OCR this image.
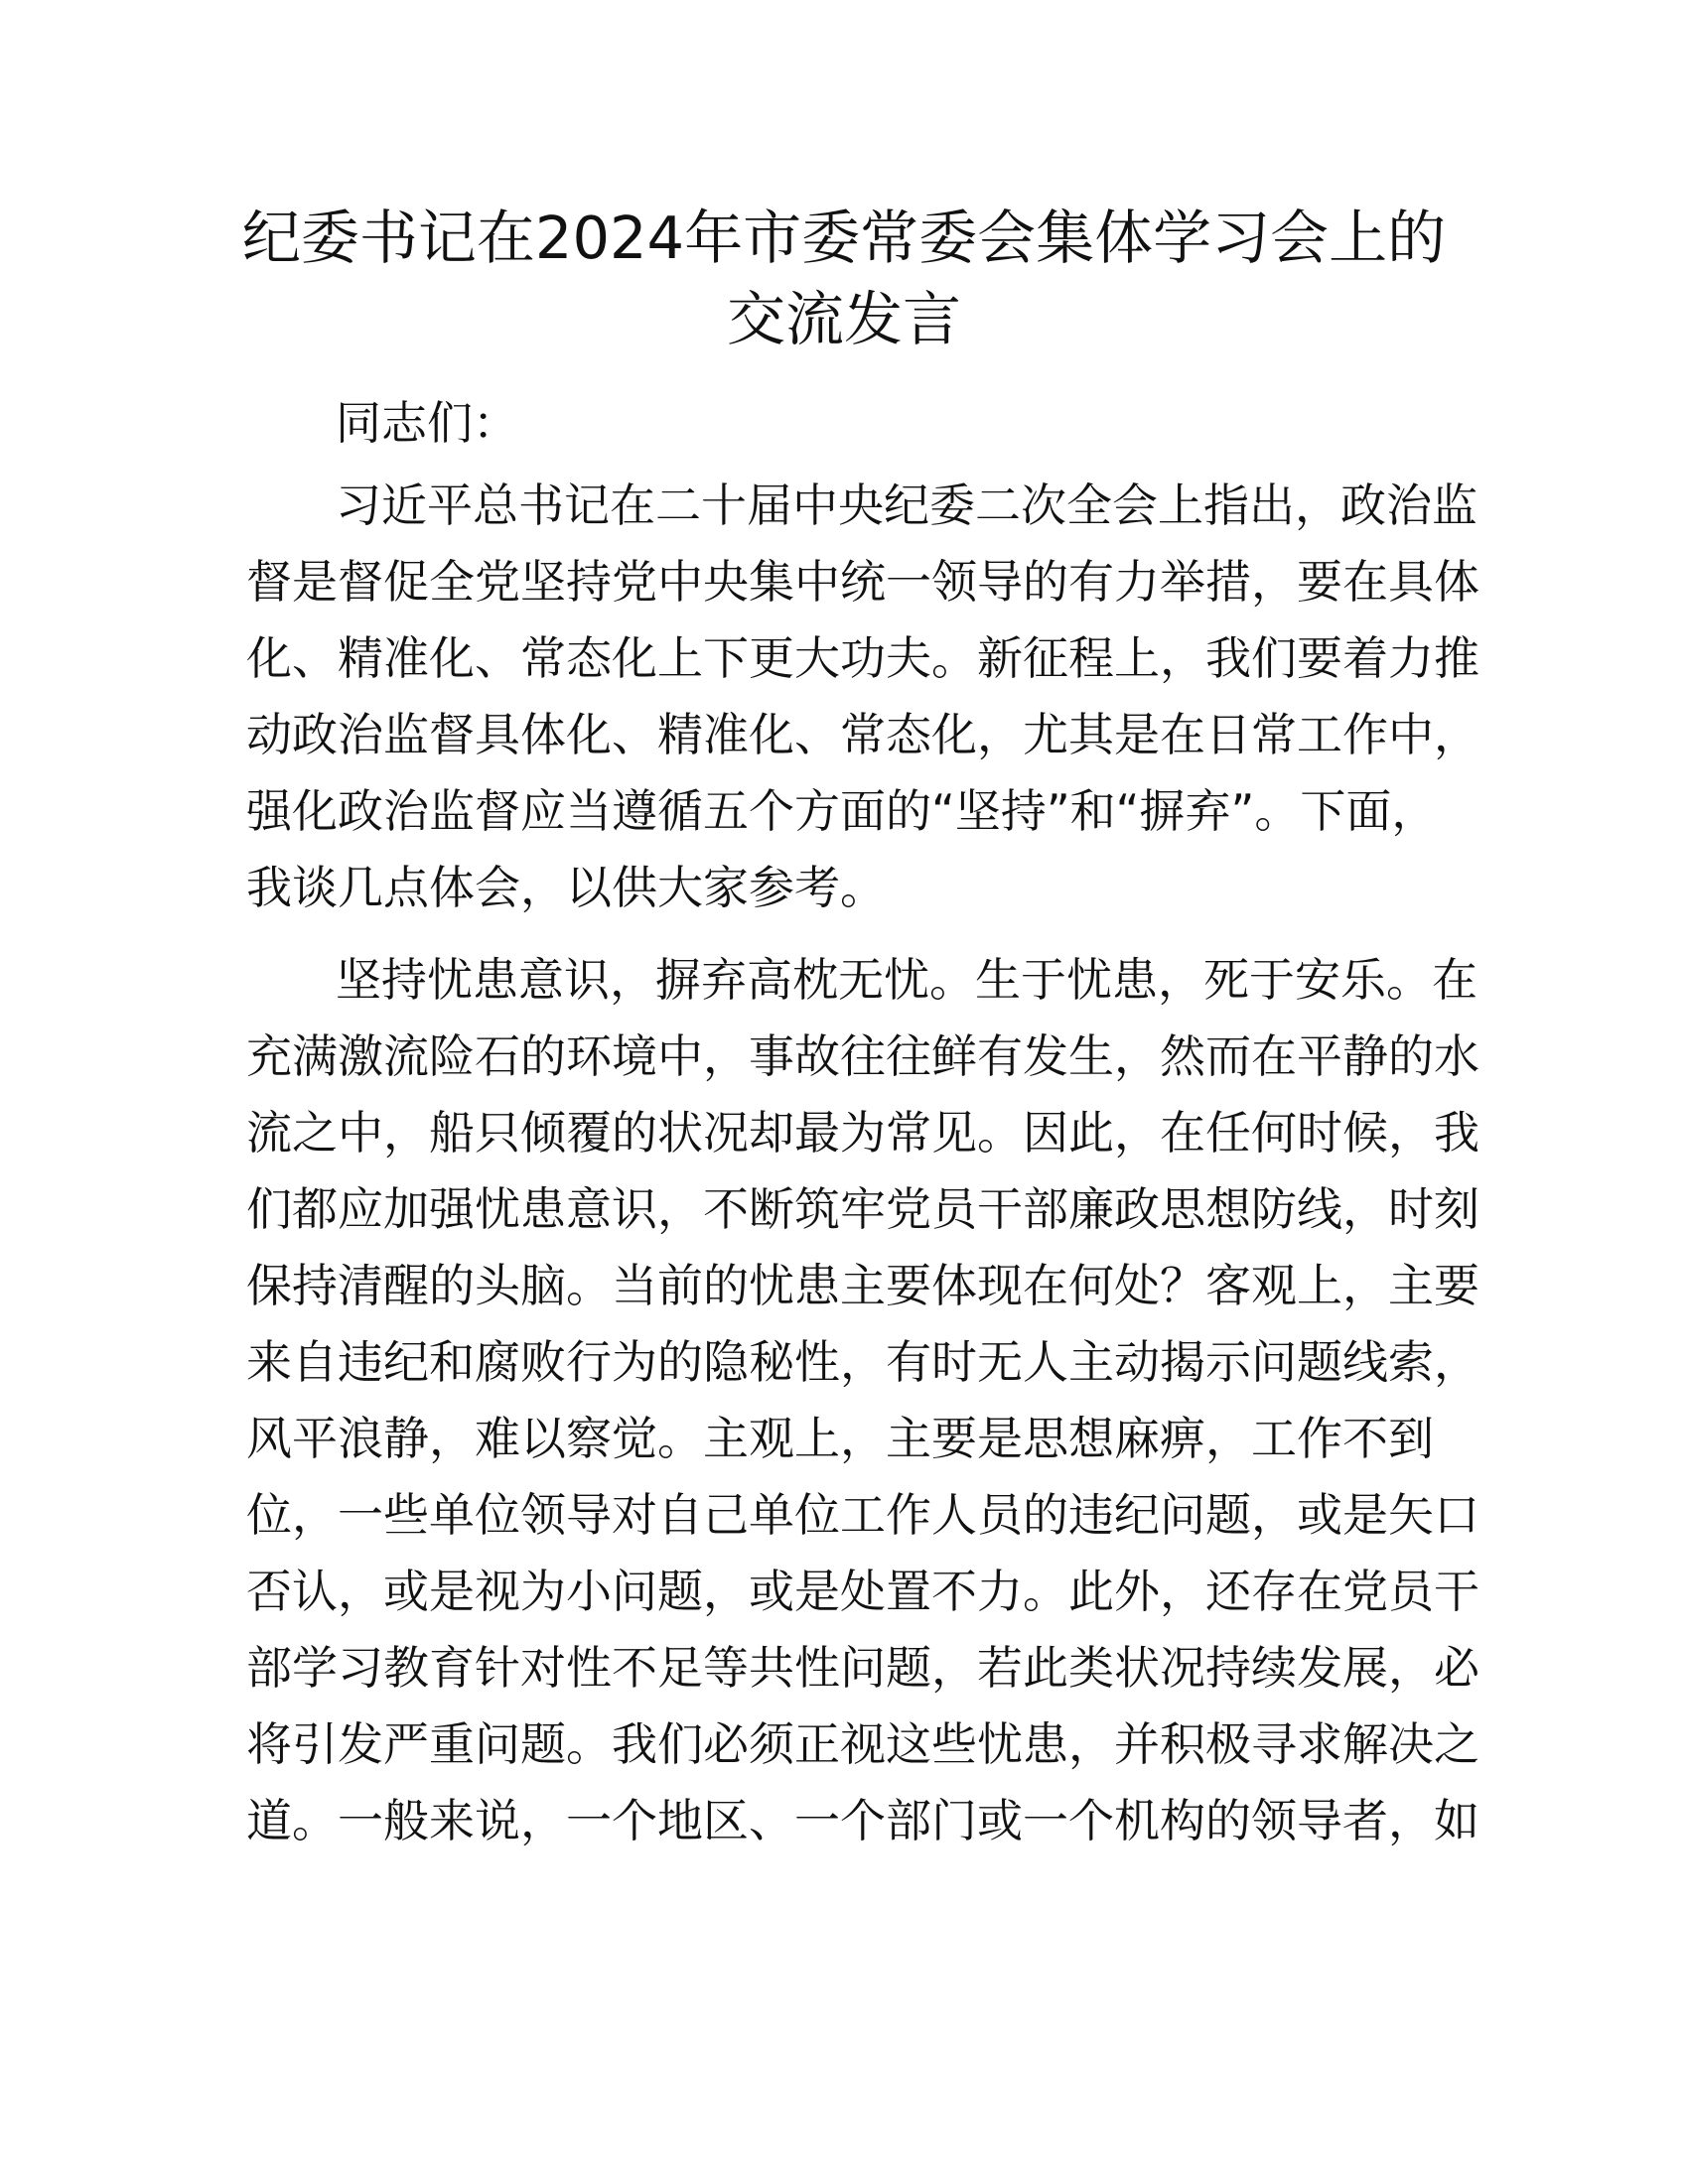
纪委书记在2024年市委常委会集体学习会上的
交流发言

同志们：

习近平总书记在二十届中央纪委二次全会上指出，政治监

督是督促全党坚持党中央集中统一领导的有力举措，要在具体

化、精准化、常态化上下更大功夫。新征程上，我们要着力推

动政治监督具体化、精准化、常态化，尤其是在日常工作中，

强化政治监督应当遵循五个方面的“坚持”和“摒弃”。下面，

我谈几点体会，以供大家参考。

坚持忧患意识，摒弃高枕无忧。生于忧患，死于安乐。在

充满激流险石的环境中，事故往往鲜有发生，然而在平静的水

流之中，船只倾覆的状况却最为常见。因此，在任何时候，我

们都应加强忧患意识，不断筑牢党员干部廉政思想防线，时刻

保持清醒的头脑。当前的忧患主要体现在何处？客观上，主要

来自违纪和腐败行为的隐秘性，有时无人主动揭示问题线索，

风平浪静，难以察觉。主观上，主要是思想麻痹，工作不到

位，一些单位领导对自己单位工作人员的违纪问题，或是矢口

否认，或是视为小问题，或是处置不力。此外，还存在党员干

部学习教育针对性不足等共性问题，若此类状况持续发展，必

将引发严重问题。我们必须正视这些忧患，并积极寻求解决之

道。一般来说，一个地区、一个部门或一个机构的领导者，如
